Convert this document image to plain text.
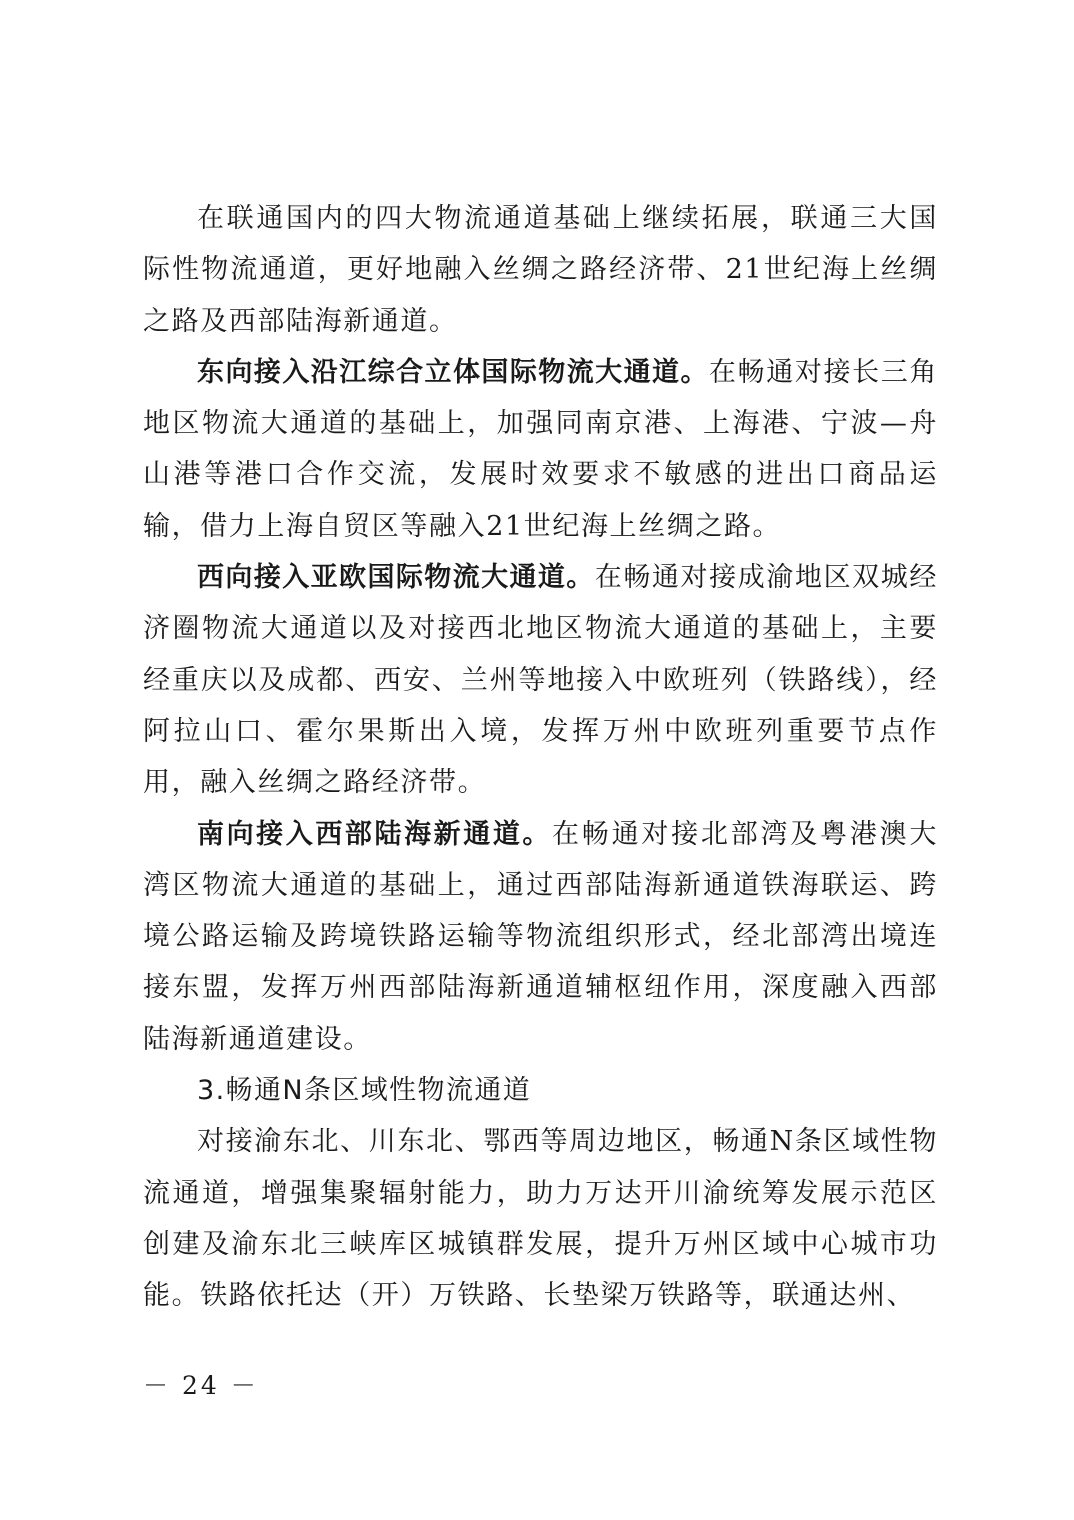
在联通国内的四大物流通道基础上继续拓展，联通三大国际性物流通道，更好地融入丝绸之路经济带、21世纪海上丝绸之路及西部陆海新通道。

东向接入沿江综合立体国际物流大通道。在畅通对接长三角地区物流大通道的基础上，加强同南京港、上海港、宁波—舟山港等港口合作交流，发展时效要求不敏感的进出口商品运输，借力上海自贸区等融入21世纪海上丝绸之路。

西向接入亚欧国际物流大通道。在畅通对接成渝地区双城经济圈物流大通道以及对接西北地区物流大通道的基础上，主要经重庆以及成都、西安、兰州等地接入中欧班列（铁路线），经阿拉山口、霍尔果斯出入境，发挥万州中欧班列重要节点作用，融入丝绸之路经济带。

南向接入西部陆海新通道。在畅通对接北部湾及粤港澳大湾区物流大通道的基础上，通过西部陆海新通道铁海联运、跨境公路运输及跨境铁路运输等物流组织形式，经北部湾出境连接东盟，发挥万州西部陆海新通道辅枢纽作用，深度融入西部陆海新通道建设。

3.畅通N条区域性物流通道

对接渝东北、川东北、鄂西等周边地区，畅通N条区域性物流通道，增强集聚辐射能力，助力万达开川渝统筹发展示范区创建及渝东北三峡库区城镇群发展，提升万州区域中心城市功能。铁路依托达（开）万铁路、长垫梁万铁路等，联通达州、

－ 24 －
